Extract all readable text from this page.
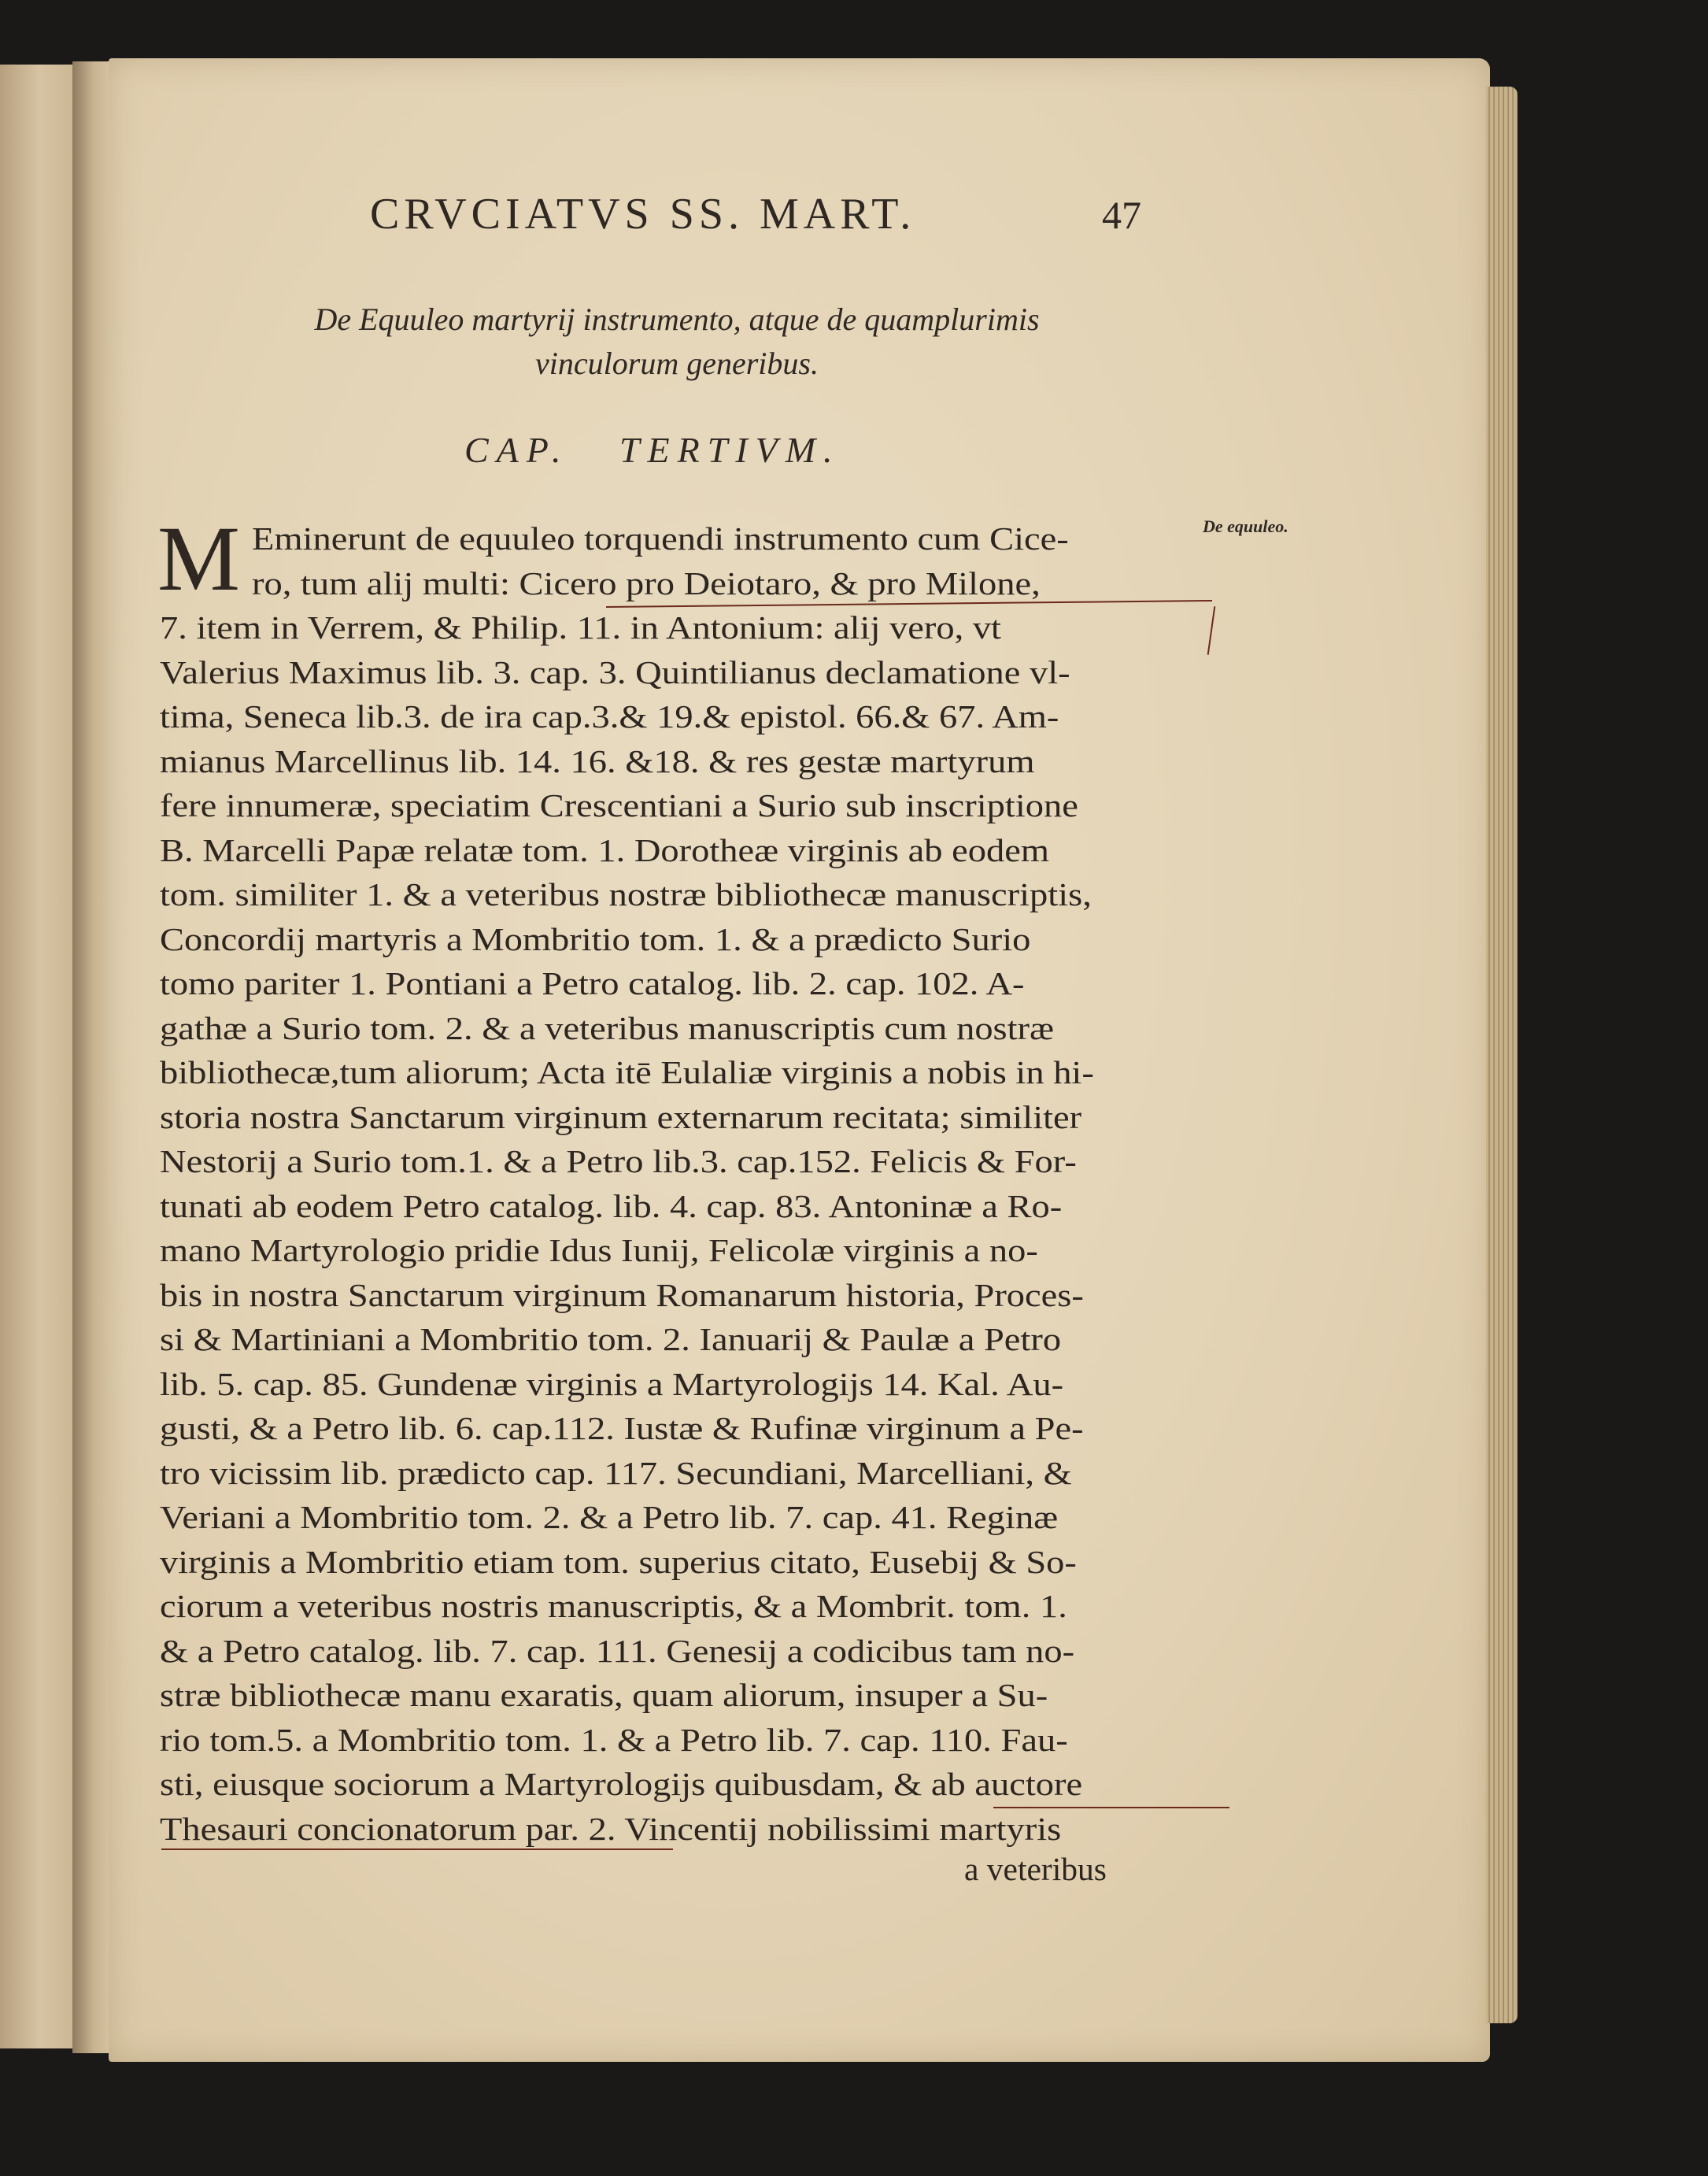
CRVCIATVS SS. MART.	47
De Equuleo martyrij instrumento, atque de quamplurimis
vinculorum generibus.
CAP.   TERTIVM.
De equuleo.
M Eminerunt de equuleo torquendi instrumento cum Cice-
ro, tum alij multi: Cicero pro Deiotaro, & pro Milone,
7. item in Verrem, & Philip. 11. in Antonium: alij vero, vt
Valerius Maximus lib. 3. cap. 3. Quintilianus declamatione vl-
tima, Seneca lib.3. de ira cap.3.& 19.& epistol. 66.& 67. Am-
mianus Marcellinus lib. 14. 16. &18. & res gestæ martyrum
fere innumeræ, speciatim Crescentiani a Surio sub inscriptione
B. Marcelli Papæ relatæ tom. 1. Dorotheæ virginis ab eodem
tom. similiter 1. & a veteribus nostræ bibliothecæ manuscriptis,
Concordij martyris a Mombritio tom. 1. & a prædicto Surio
tomo pariter 1. Pontiani a Petro catalog. lib. 2. cap. 102. A-
gathæ a Surio tom. 2. & a veteribus manuscriptis cum nostræ
bibliothecæ,tum aliorum; Acta itē Eulaliæ virginis a nobis in hi-
storia nostra Sanctarum virginum externarum recitata; similiter
Nestorij a Surio tom.1. & a Petro lib.3. cap.152. Felicis & For-
tunati ab eodem Petro catalog. lib. 4. cap. 83. Antoninæ a Ro-
mano Martyrologio pridie Idus Iunij, Felicolæ virginis a no-
bis in nostra Sanctarum virginum Romanarum historia, Proces-
si & Martiniani a Mombritio tom. 2. Ianuarij & Paulæ a Petro
lib. 5. cap. 85. Gundenæ virginis a Martyrologijs 14. Kal. Au-
gusti, & a Petro lib. 6. cap.112. Iustæ & Rufinæ virginum a Pe-
tro vicissim lib. prædicto cap. 117. Secundiani, Marcelliani, &
Veriani a Mombritio tom. 2. & a Petro lib. 7. cap. 41. Reginæ
virginis a Mombritio etiam tom. superius citato, Eusebij & So-
ciorum a veteribus nostris manuscriptis, & a Mombrit. tom. 1.
& a Petro catalog. lib. 7. cap. 111. Genesij a codicibus tam no-
stræ bibliothecæ manu exaratis, quam aliorum, insuper a Su-
rio tom.5. a Mombritio tom. 1. & a Petro lib. 7. cap. 110. Fau-
sti, eiusque sociorum a Martyrologijs quibusdam, & ab auctore
Thesauri concionatorum par. 2. Vincentij nobilissimi martyris
a veteribus
